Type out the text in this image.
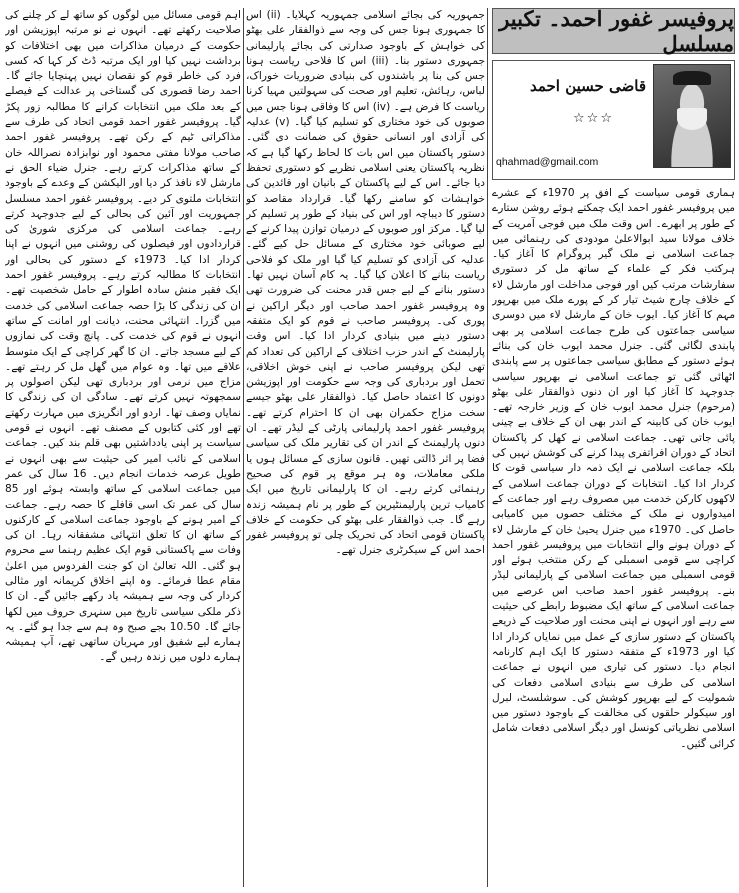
اہم قومی مسائل میں لوگوں کو ساتھ لے کر چلنے کی صلاحیت رکھتے تھے۔ انہوں نے نو مرتبہ اپوزیشن اور حکومت کے درمیان مذاکرات میں بھی اختلافات کو برداشت نہیں کیا اور ایک مرتبہ ڈٹ کر کہا کہ کسی فرد کی خاطر قوم کو نقصان نہیں پہنچایا جائے گا۔ احمد رضا قصوری کی گستاخی پر عدالت کے فیصلے کے بعد ملک میں انتخابات کرانے کا مطالبہ زور پکڑ گیا۔ پروفیسر غفور احمد قومی اتحاد کی طرف سے مذاکراتی ٹیم کے رکن تھے۔ پروفیسر غفور احمد صاحب مولانا مفتی محمود اور نوابزادہ نصراللہ خان کے ساتھ مذاکرات کرتے رہے۔ جنرل ضیاء الحق نے مارشل لاء نافذ کر دیا اور الیکشن کے وعدے کے باوجود انتخابات ملتوی کر دیے۔ پروفیسر غفور احمد مسلسل جمہوریت اور آئین کی بحالی کے لیے جدوجہد کرتے رہے۔ جماعت اسلامی کی مرکزی شوریٰ کی قراردادوں اور فیصلوں کی روشنی میں انہوں نے اپنا کردار ادا کیا۔ 1973ء کے دستور کی بحالی اور انتخابات کا مطالبہ کرتے رہے۔ پروفیسر غفور احمد ایک فقیر منش سادہ اطوار کے حامل شخصیت تھے۔ ان کی زندگی کا بڑا حصہ جماعت اسلامی کی خدمت میں گزرا۔ انتہائی محنت، دیانت اور امانت کے ساتھ انہوں نے قوم کی خدمت کی۔ پانچ وقت کی نمازوں کے لیے مسجد جاتے۔ ان کا گھر کراچی کے ایک متوسط علاقے میں تھا۔ وہ عوام میں گھل مل کر رہتے تھے۔ مزاج میں نرمی اور بردباری تھی لیکن اصولوں پر سمجھوتہ نہیں کرتے تھے۔ سادگی ان کی زندگی کا نمایاں وصف تھا۔ اردو اور انگریزی میں مہارت رکھتے تھے اور کئی کتابوں کے مصنف تھے۔ انہوں نے قومی سیاست پر اپنی یادداشتیں بھی قلم بند کیں۔ جماعت اسلامی کے نائب امیر کی حیثیت سے بھی انہوں نے طویل عرصہ خدمات انجام دیں۔ 16 سال کی عمر میں جماعت اسلامی کے ساتھ وابستہ ہوئے اور 85 سال کی عمر تک اسی قافلے کا حصہ رہے۔ جماعت کے امیر ہونے کے باوجود جماعت اسلامی کے کارکنوں کے ساتھ ان کا تعلق انتہائی مشفقانہ رہا۔ ان کی وفات سے پاکستانی قوم ایک عظیم رہنما سے محروم ہو گئی۔ اللہ تعالیٰ ان کو جنت الفردوس میں اعلیٰ مقام عطا فرمائے۔ وہ اپنے اخلاق کریمانہ اور مثالی کردار کی وجہ سے ہمیشہ یاد رکھے جائیں گے۔ ان کا ذکر ملکی سیاسی تاریخ میں سنہری حروف میں لکھا جائے گا۔ 10.50 بجے صبح وہ ہم سے جدا ہو گئے۔ یہ ہمارے لیے شفیق اور مہربان ساتھی تھے، آپ ہمیشہ ہمارے دلوں میں زندہ رہیں گے۔

جمہوریہ کی بجائے اسلامی جمہوریہ کہلایا۔ (ii) اس کا جمہوری ہونا جس کی وجہ سے ذوالفقار علی بھٹو کی خواہش کے باوجود صدارتی کی بجائے پارلیمانی جمہوری دستور بنا۔ (iii) اس کا فلاحی ریاست ہونا جس کی بنا پر باشندوں کی بنیادی ضروریات خوراک، لباس، رہائش، تعلیم اور صحت کی سہولتیں مہیا کرنا ریاست کا فرض ہے۔ (iv) اس کا وفاقی ہونا جس میں صوبوں کی خود مختاری کو تسلیم کیا گیا۔ (v) عدلیہ کی آزادی اور انسانی حقوق کی ضمانت دی گئی۔ دستور پاکستان میں اس بات کا لحاظ رکھا گیا ہے کہ نظریہ پاکستان یعنی اسلامی نظریے کو دستوری تحفظ دیا جائے۔ اس کے لیے پاکستان کے بانیان اور قائدین کی خواہشات کو سامنے رکھا گیا۔ قرارداد مقاصد کو دستور کا دیباچہ اور اس کی بنیاد کے طور پر تسلیم کر لیا گیا۔ مرکز اور صوبوں کے درمیان توازن پیدا کرنے کے لیے صوبائی خود مختاری کے مسائل حل کیے گئے۔ عدلیہ کی آزادی کو تسلیم کیا گیا اور ملک کو فلاحی ریاست بنانے کا اعلان کیا گیا۔ یہ کام آسان نہیں تھا۔ دستور بنانے کے لیے جس قدر محنت کی ضرورت تھی وہ پروفیسر غفور احمد صاحب اور دیگر اراکین نے پوری کی۔ پروفیسر صاحب نے قوم کو ایک متفقہ دستور دینے میں بنیادی کردار ادا کیا۔ اس وقت پارلیمنٹ کے اندر حزب اختلاف کے اراکین کی تعداد کم تھی لیکن پروفیسر صاحب نے اپنی خوش اخلاقی، تحمل اور بردباری کی وجہ سے حکومت اور اپوزیشن دونوں کا اعتماد حاصل کیا۔ ذوالفقار علی بھٹو جیسے سخت مزاج حکمران بھی ان کا احترام کرتے تھے۔ پروفیسر غفور احمد پارلیمانی پارٹی کے لیڈر تھے۔ ان دنوں پارلیمنٹ کے اندر ان کی تقاریر ملک کی سیاسی فضا پر اثر ڈالتی تھیں۔ قانون سازی کے مسائل ہوں یا ملکی معاملات، وہ ہر موقع پر قوم کی صحیح رہنمائی کرتے رہے۔ ان کا پارلیمانی تاریخ میں ایک کامیاب ترین پارلیمنٹیرین کے طور پر نام ہمیشہ زندہ رہے گا۔ جب ذوالفقار علی بھٹو کی حکومت کے خلاف پاکستان قومی اتحاد کی تحریک چلی تو پروفیسر غفور احمد اس کے سیکرٹری جنرل تھے۔

پروفیسر غفور احمد۔ تکبیر مسلسل
قاضی حسین احمد
☆☆☆
qhahmad@gmail.com
ہماری قومی سیاست کے افق پر 1970ء کے عشرے میں پروفیسر غفور احمد ایک چمکتے ہوئے روشن ستارے کے طور پر ابھرے۔ اس وقت ملک میں فوجی آمریت کے خلاف مولانا سید ابوالاعلیٰ مودودی کی رہنمائی میں جماعت اسلامی نے ملک گیر پروگرام کا آغاز کیا۔ ہرکتب فکر کے علماء کے ساتھ مل کر دستوری سفارشات مرتب کیں اور فوجی مداخلت اور مارشل لاء کے خلاف چارج شیٹ تیار کر کے پورے ملک میں بھرپور مہم کا آغاز کیا۔ ایوب خان کے مارشل لاء میں دوسری سیاسی جماعتوں کی طرح جماعت اسلامی پر بھی پابندی لگائی گئی۔ جنرل محمد ایوب خان کی بنائے ہوئے دستور کے مطابق سیاسی جماعتوں پر سے پابندی اٹھائی گئی تو جماعت اسلامی نے بھرپور سیاسی جدوجہد کا آغاز کیا اور ان دنوں ذوالفقار علی بھٹو (مرحوم) جنرل محمد ایوب خان کے وزیر خارجہ تھے۔ ایوب خان کی کابینہ کے اندر بھی ان کے خلاف بے چینی پائی جاتی تھی۔ جماعت اسلامی نے کھل کر پاکستان اتحاد کے دوران افراتفری پیدا کرنے کی کوشش نہیں کی بلکہ جماعت اسلامی نے ایک ذمہ دار سیاسی قوت کا کردار ادا کیا۔ انتخابات کے دوران جماعت اسلامی کے لاکھوں کارکن خدمت میں مصروف رہے اور جماعت کے امیدواروں نے ملک کے مختلف حصوں میں کامیابی حاصل کی۔ 1970ء میں جنرل یحییٰ خان کے مارشل لاء کے دوران ہونے والے انتخابات میں پروفیسر غفور احمد کراچی سے قومی اسمبلی کے رکن منتخب ہوئے اور قومی اسمبلی میں جماعت اسلامی کے پارلیمانی لیڈر بنے۔ پروفیسر غفور احمد صاحب اس عرصے میں جماعت اسلامی کے ساتھ ایک مضبوط رابطے کی حیثیت سے رہے اور انہوں نے اپنی محنت اور صلاحیت کے ذریعے پاکستان کے دستور سازی کے عمل میں نمایاں کردار ادا کیا اور 1973ء کے متفقہ دستور کا ایک اہم کارنامہ انجام دیا۔ دستور کی تیاری میں انہوں نے جماعت اسلامی کی طرف سے بنیادی اسلامی دفعات کی شمولیت کے لیے بھرپور کوشش کی۔ سوشلسٹ، لبرل اور سیکولر حلقوں کی مخالفت کے باوجود دستور میں اسلامی نظریاتی کونسل اور دیگر اسلامی دفعات شامل کرائی گئیں۔
